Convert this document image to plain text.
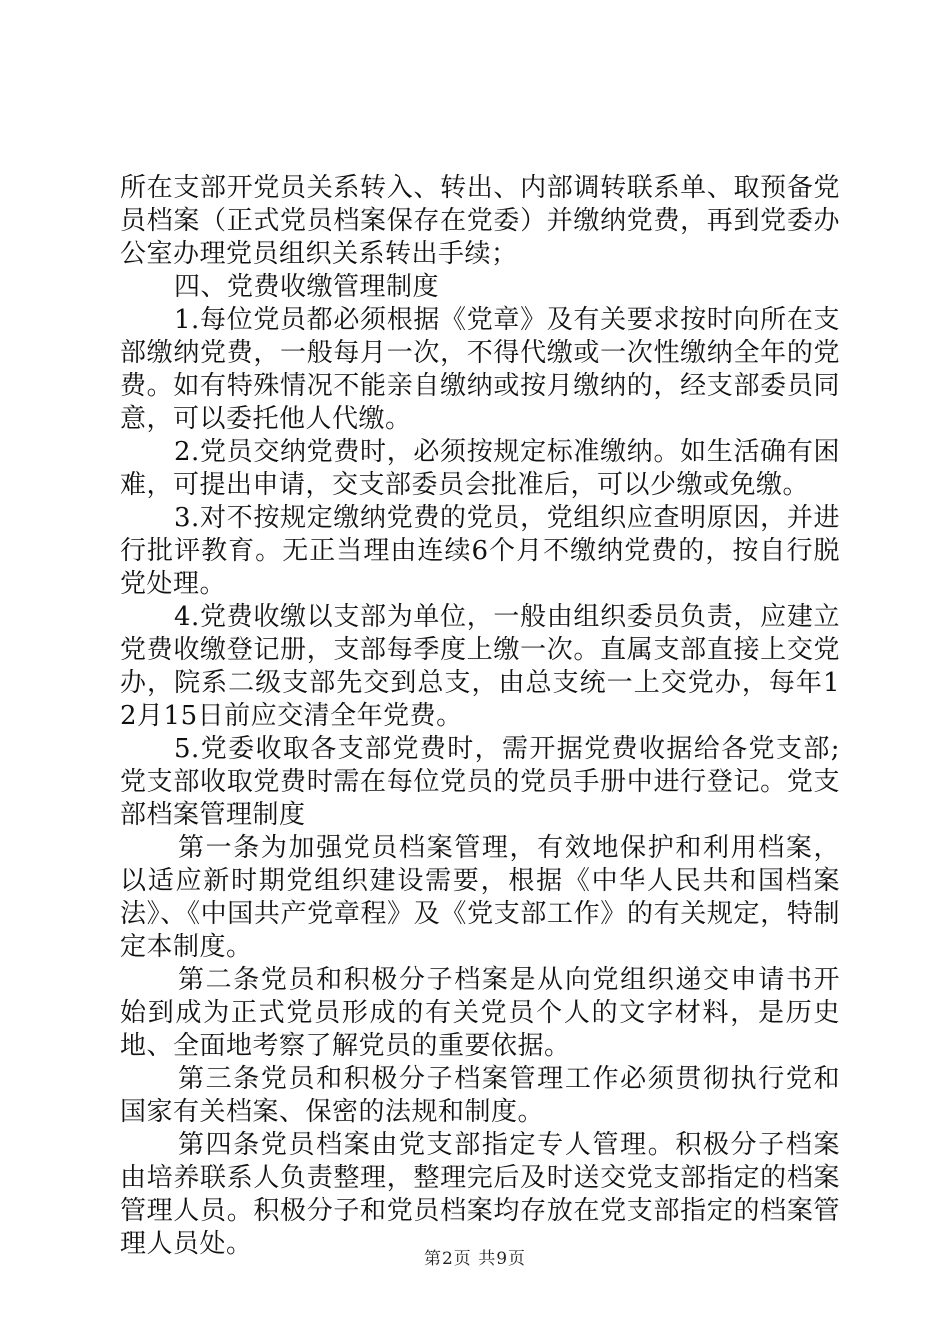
所在支部开党员关系转入、转出、内部调转联系单、取预备党员档案（正式党员档案保存在党委）并缴纳党费，再到党委办公室办理党员组织关系转出手续；

四、党费收缴管理制度

1.每位党员都必须根据《党章》及有关要求按时向所在支部缴纳党费，一般每月一次，不得代缴或一次性缴纳全年的党费。如有特殊情况不能亲自缴纳或按月缴纳的，经支部委员同意，可以委托他人代缴。

2.党员交纳党费时，必须按规定标准缴纳。如生活确有困难，可提出申请，交支部委员会批准后，可以少缴或免缴。

3.对不按规定缴纳党费的党员，党组织应查明原因，并进行批评教育。无正当理由连续6个月不缴纳党费的，按自行脱党处理。

4.党费收缴以支部为单位，一般由组织委员负责，应建立党费收缴登记册，支部每季度上缴一次。直属支部直接上交党办，院系二级支部先交到总支，由总支统一上交党办，每年12月15日前应交清全年党费。

5.党委收取各支部党费时，需开据党费收据给各党支部;党支部收取党费时需在每位党员的党员手册中进行登记。党支部档案管理制度

第一条为加强党员档案管理，有效地保护和利用档案，以适应新时期党组织建设需要，根据《中华人民共和国档案法》、《中国共产党章程》及《党支部工作》的有关规定，特制定本制度。

第二条党员和积极分子档案是从向党组织递交申请书开始到成为正式党员形成的有关党员个人的文字材料，是历史地、全面地考察了解党员的重要依据。

第三条党员和积极分子档案管理工作必须贯彻执行党和国家有关档案、保密的法规和制度。

第四条党员档案由党支部指定专人管理。积极分子档案由培养联系人负责整理，整理完后及时送交党支部指定的档案管理人员。积极分子和党员档案均存放在党支部指定的档案管理人员处。	第2页 共9页
